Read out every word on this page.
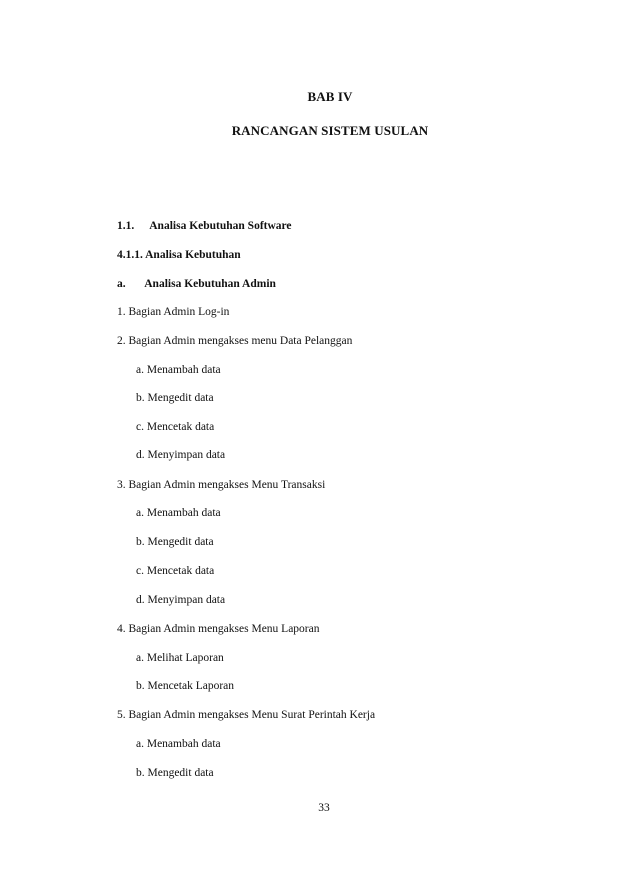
BAB IV
RANCANGAN SISTEM USULAN
1.1. Analisa Kebutuhan Software
4.1.1. Analisa Kebutuhan
a. Analisa Kebutuhan Admin
1. Bagian Admin Log-in
2. Bagian Admin mengakses menu Data Pelanggan
a. Menambah data
b. Mengedit data
c. Mencetak data
d. Menyimpan data
3. Bagian Admin mengakses Menu Transaksi
a. Menambah data
b. Mengedit data
c. Mencetak data
d. Menyimpan data
4. Bagian Admin mengakses Menu Laporan
a. Melihat Laporan
b. Mencetak Laporan
5. Bagian Admin mengakses Menu Surat Perintah Kerja
a. Menambah data
b. Mengedit data
33
